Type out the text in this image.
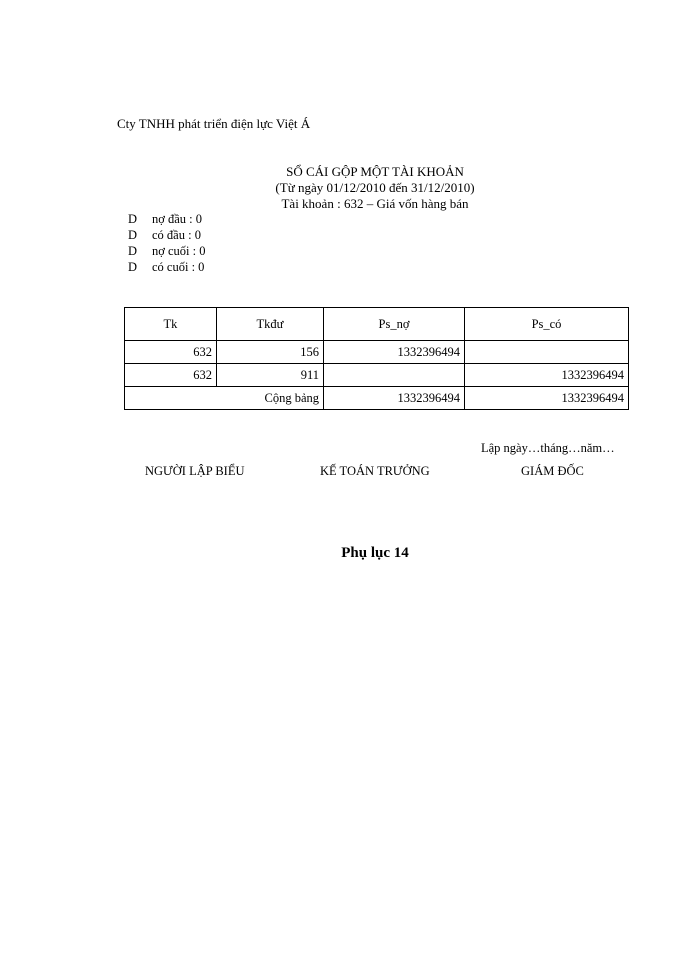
Cty TNHH phát triển điện lực Việt Á
SỔ CÁI GỘP MỘT TÀI KHOẢN
(Từ ngày 01/12/2010 đến 31/12/2010)
Tài khoản : 632 – Giá vốn hàng bán
D nợ đầu : 0
D có đầu : 0
D nợ cuối : 0
D có cuối : 0
Tk	Tkđư	Ps_nợ	Ps_có
632	156	1332396494	
632	911		1332396494
Cộng bảng		1332396494	1332396494
Lập ngày…tháng…năm…
NGƯỜI LẬP BIỂU	KẾ TOÁN TRƯỞNG	GIÁM ĐỐC
Phụ lục 14
